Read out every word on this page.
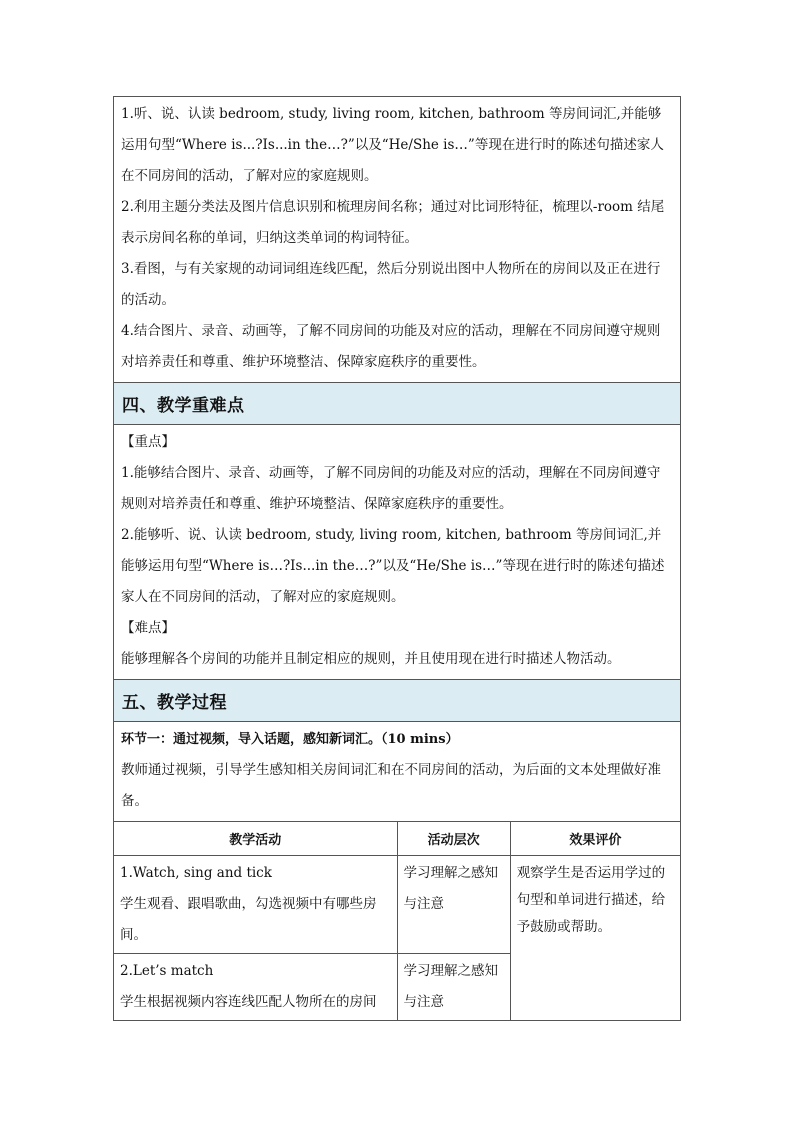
1.听、说、认读 bedroom, study, living room, kitchen, bathroom 等房间词汇,并能够运用句型“Where is...?Is...in the…?”以及“He/She is…”等现在进行时的陈述句描述家人在不同房间的活动，了解对应的家庭规则。

2.利用主题分类法及图片信息识别和梳理房间名称；通过对比词形特征，梳理以-room 结尾表示房间名称的单词，归纳这类单词的构词特征。

3.看图，与有关家规的动词词组连线匹配，然后分别说出图中人物所在的房间以及正在进行的活动。

4.结合图片、录音、动画等，了解不同房间的功能及对应的活动，理解在不同房间遵守规则对培养责任和尊重、维护环境整洁、保障家庭秩序的重要性。

四、教学重难点

【重点】

1.能够结合图片、录音、动画等，了解不同房间的功能及对应的活动，理解在不同房间遵守规则对培养责任和尊重、维护环境整洁、保障家庭秩序的重要性。

2.能够听、说、认读 bedroom, study, living room, kitchen, bathroom 等房间词汇,并能够运用句型“Where is…?Is...in the…?”以及“He/She is…”等现在进行时的陈述句描述家人在不同房间的活动，了解对应的家庭规则。

【难点】

能够理解各个房间的功能并且制定相应的规则，并且使用现在进行时描述人物活动。

五、教学过程

环节一：通过视频，导入话题，感知新词汇。（10 mins）

教师通过视频，引导学生感知相关房间词汇和在不同房间的活动，为后面的文本处理做好准备。

教学活动	活动层次	效果评价

1.Watch, sing and tick
学生观看、跟唱歌曲，勾选视频中有哪些房间。	学习理解之感知与注意	观察学生是否运用学过的句型和单词进行描述，给予鼓励或帮助。

2.Let’s match
学生根据视频内容连线匹配人物所在的房间	学习理解之感知与注意	
